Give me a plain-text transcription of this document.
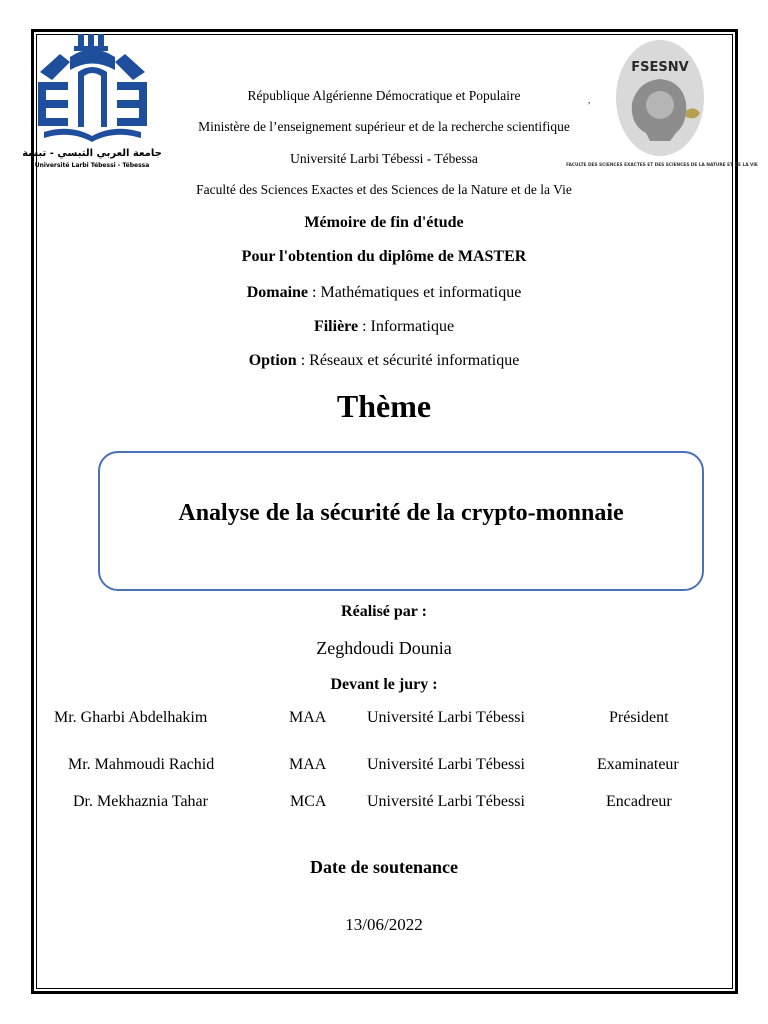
جامعة العربي التبسي - تبسة
Université Larbi Tébessi - Tébessa
FSESNV
FACULTE DES SCIENCES EXACTES ET DES SCIENCES DE LA NATURE ET DE LA VIE
,
République Algérienne Démocratique et Populaire
Ministère de l’enseignement supérieur et de la recherche scientifique
Université Larbi Tébessi - Tébessa
Faculté des Sciences Exactes et des Sciences de la Nature et de la Vie
Mémoire de fin d'étude
Pour l'obtention du diplôme de MASTER
Domaine : Mathématiques et informatique
Filière : Informatique
Option : Réseaux et sécurité informatique
Thème
Analyse de la sécurité de la crypto-monnaie
Réalisé par :
Zeghdoudi Dounia
Devant le jury :
Mr. Gharbi Abdelhakim	MAA	Université Larbi Tébessi	Président
Mr. Mahmoudi Rachid	MAA	Université Larbi Tébessi	Examinateur
Dr. Mekhaznia Tahar	MCA	Université Larbi Tébessi	Encadreur
Date de soutenance
13/06/2022
